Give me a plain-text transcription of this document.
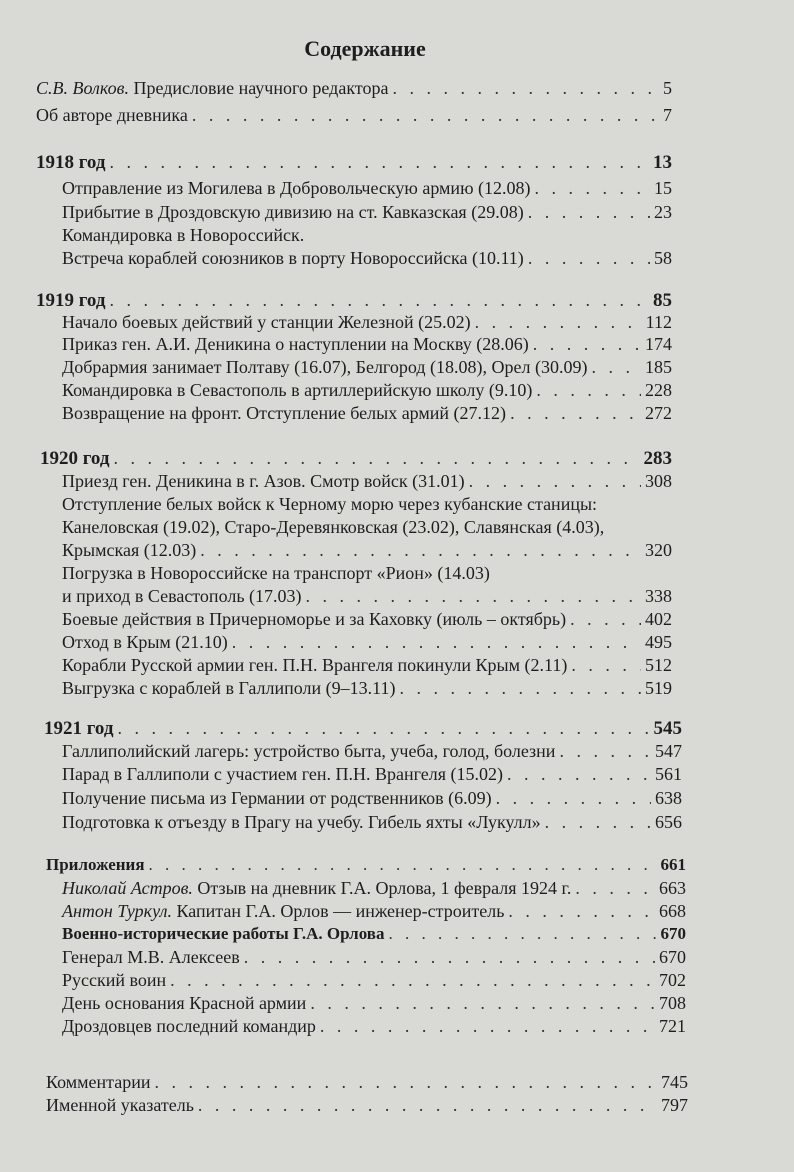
Содержание
С.В. Волков. Предисловие научного редактора . . .	5
Об авторе дневника . . .	7
1918 год . . .	13
Отправление из Могилева в Добровольческую армию (12.08) . . .	15
Прибытие в Дроздовскую дивизию на ст. Кавказская (29.08) . . .	23
Командировка в Новороссийск.
Встреча кораблей союзников в порту Новороссийска (10.11) . . .	58
1919 год . . .	85
Начало боевых действий у станции Железной (25.02) . . .	112
Приказ ген. А.И. Деникина о наступлении на Москву (28.06) . . .	174
Добрармия занимает Полтаву (16.07), Белгород (18.08), Орел (30.09) . . .	185
Командировка в Севастополь в артиллерийскую школу (9.10) . . .	228
Возвращение на фронт. Отступление белых армий (27.12) . . .	272
1920 год . . .	283
Приезд ген. Деникина в г. Азов. Смотр войск (31.01) . . .	308
Отступление белых войск к Черному морю через кубанские станицы:
Канеловская (19.02), Старо-Деревянковская (23.02), Славянская (4.03),
Крымская (12.03) . . .	320
Погрузка в Новороссийске на транспорт «Рион» (14.03)
и приход в Севастополь (17.03) . . .	338
Боевые действия в Причерноморье и за Каховку (июль – октябрь) . . .	402
Отход в Крым (21.10) . . .	495
Корабли Русской армии ген. П.Н. Врангеля покинули Крым (2.11) . . .	512
Выгрузка с кораблей в Галлиполи (9–13.11) . . .	519
1921 год . . .	545
Галлиполийский лагерь: устройство быта, учеба, голод, болезни . . .	547
Парад в Галлиполи с участием ген. П.Н. Врангеля (15.02) . . .	561
Получение письма из Германии от родственников (6.09) . . .	638
Подготовка к отъезду в Прагу на учебу. Гибель яхты «Лукулл» . . .	656
Приложения . . .	661
Николай Астров. Отзыв на дневник Г.А. Орлова, 1 февраля 1924 г. . . .	663
Антон Туркул. Капитан Г.А. Орлов — инженер-строитель . . .	668
Военно-исторические работы Г.А. Орлова . . .	670
Генерал М.В. Алексеев . . .	670
Русский воин . . .	702
День основания Красной армии . . .	708
Дроздовцев последний командир . . .	721
Комментарии . . .	745
Именной указатель . . .	797
